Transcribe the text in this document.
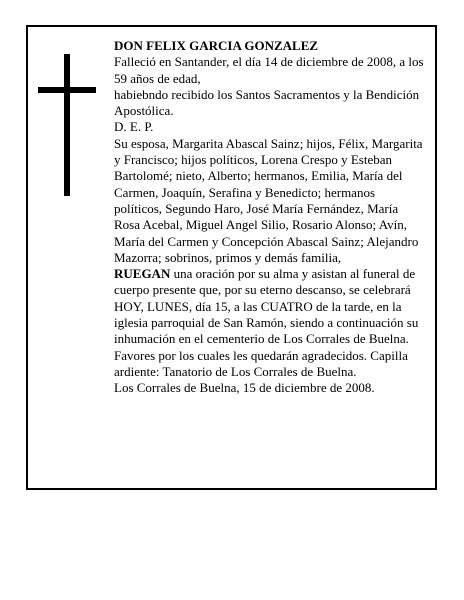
DON FELIX GARCIA GONZALEZ

Falleció en Santander, el día 14 de diciembre de 2008, a los 59 años de edad,

habiebndo recibido los Santos Sacramentos y la Bendición Apostólica.

D. E. P.

Su esposa, Margarita Abascal Sainz; hijos, Félix, Margarita y Francisco; hijos políticos, Lorena Crespo y Esteban Bartolomé; nieto, Alberto; hermanos, Emilia, María del Carmen, Joaquín, Serafina y Benedicto; hermanos políticos, Segundo Haro, José María Fernández, María Rosa Acebal, Miguel Angel Silio, Rosario Alonso; Avín, María del Carmen y Concepción Abascal Sainz; Alejandro Mazorra; sobrinos, primos y demás familia,

RUEGAN una oración por su alma y asistan al funeral de cuerpo presente que, por su eterno descanso, se celebrará HOY, LUNES, día 15, a las CUATRO de la tarde, en la iglesia parroquial de San Ramón, siendo a continuación su inhumación en el cementerio de Los Corrales de Buelna. Favores por los cuales les quedarán agradecidos. Capilla ardiente: Tanatorio de Los Corrales de Buelna.

Los Corrales de Buelna, 15 de diciembre de 2008.
